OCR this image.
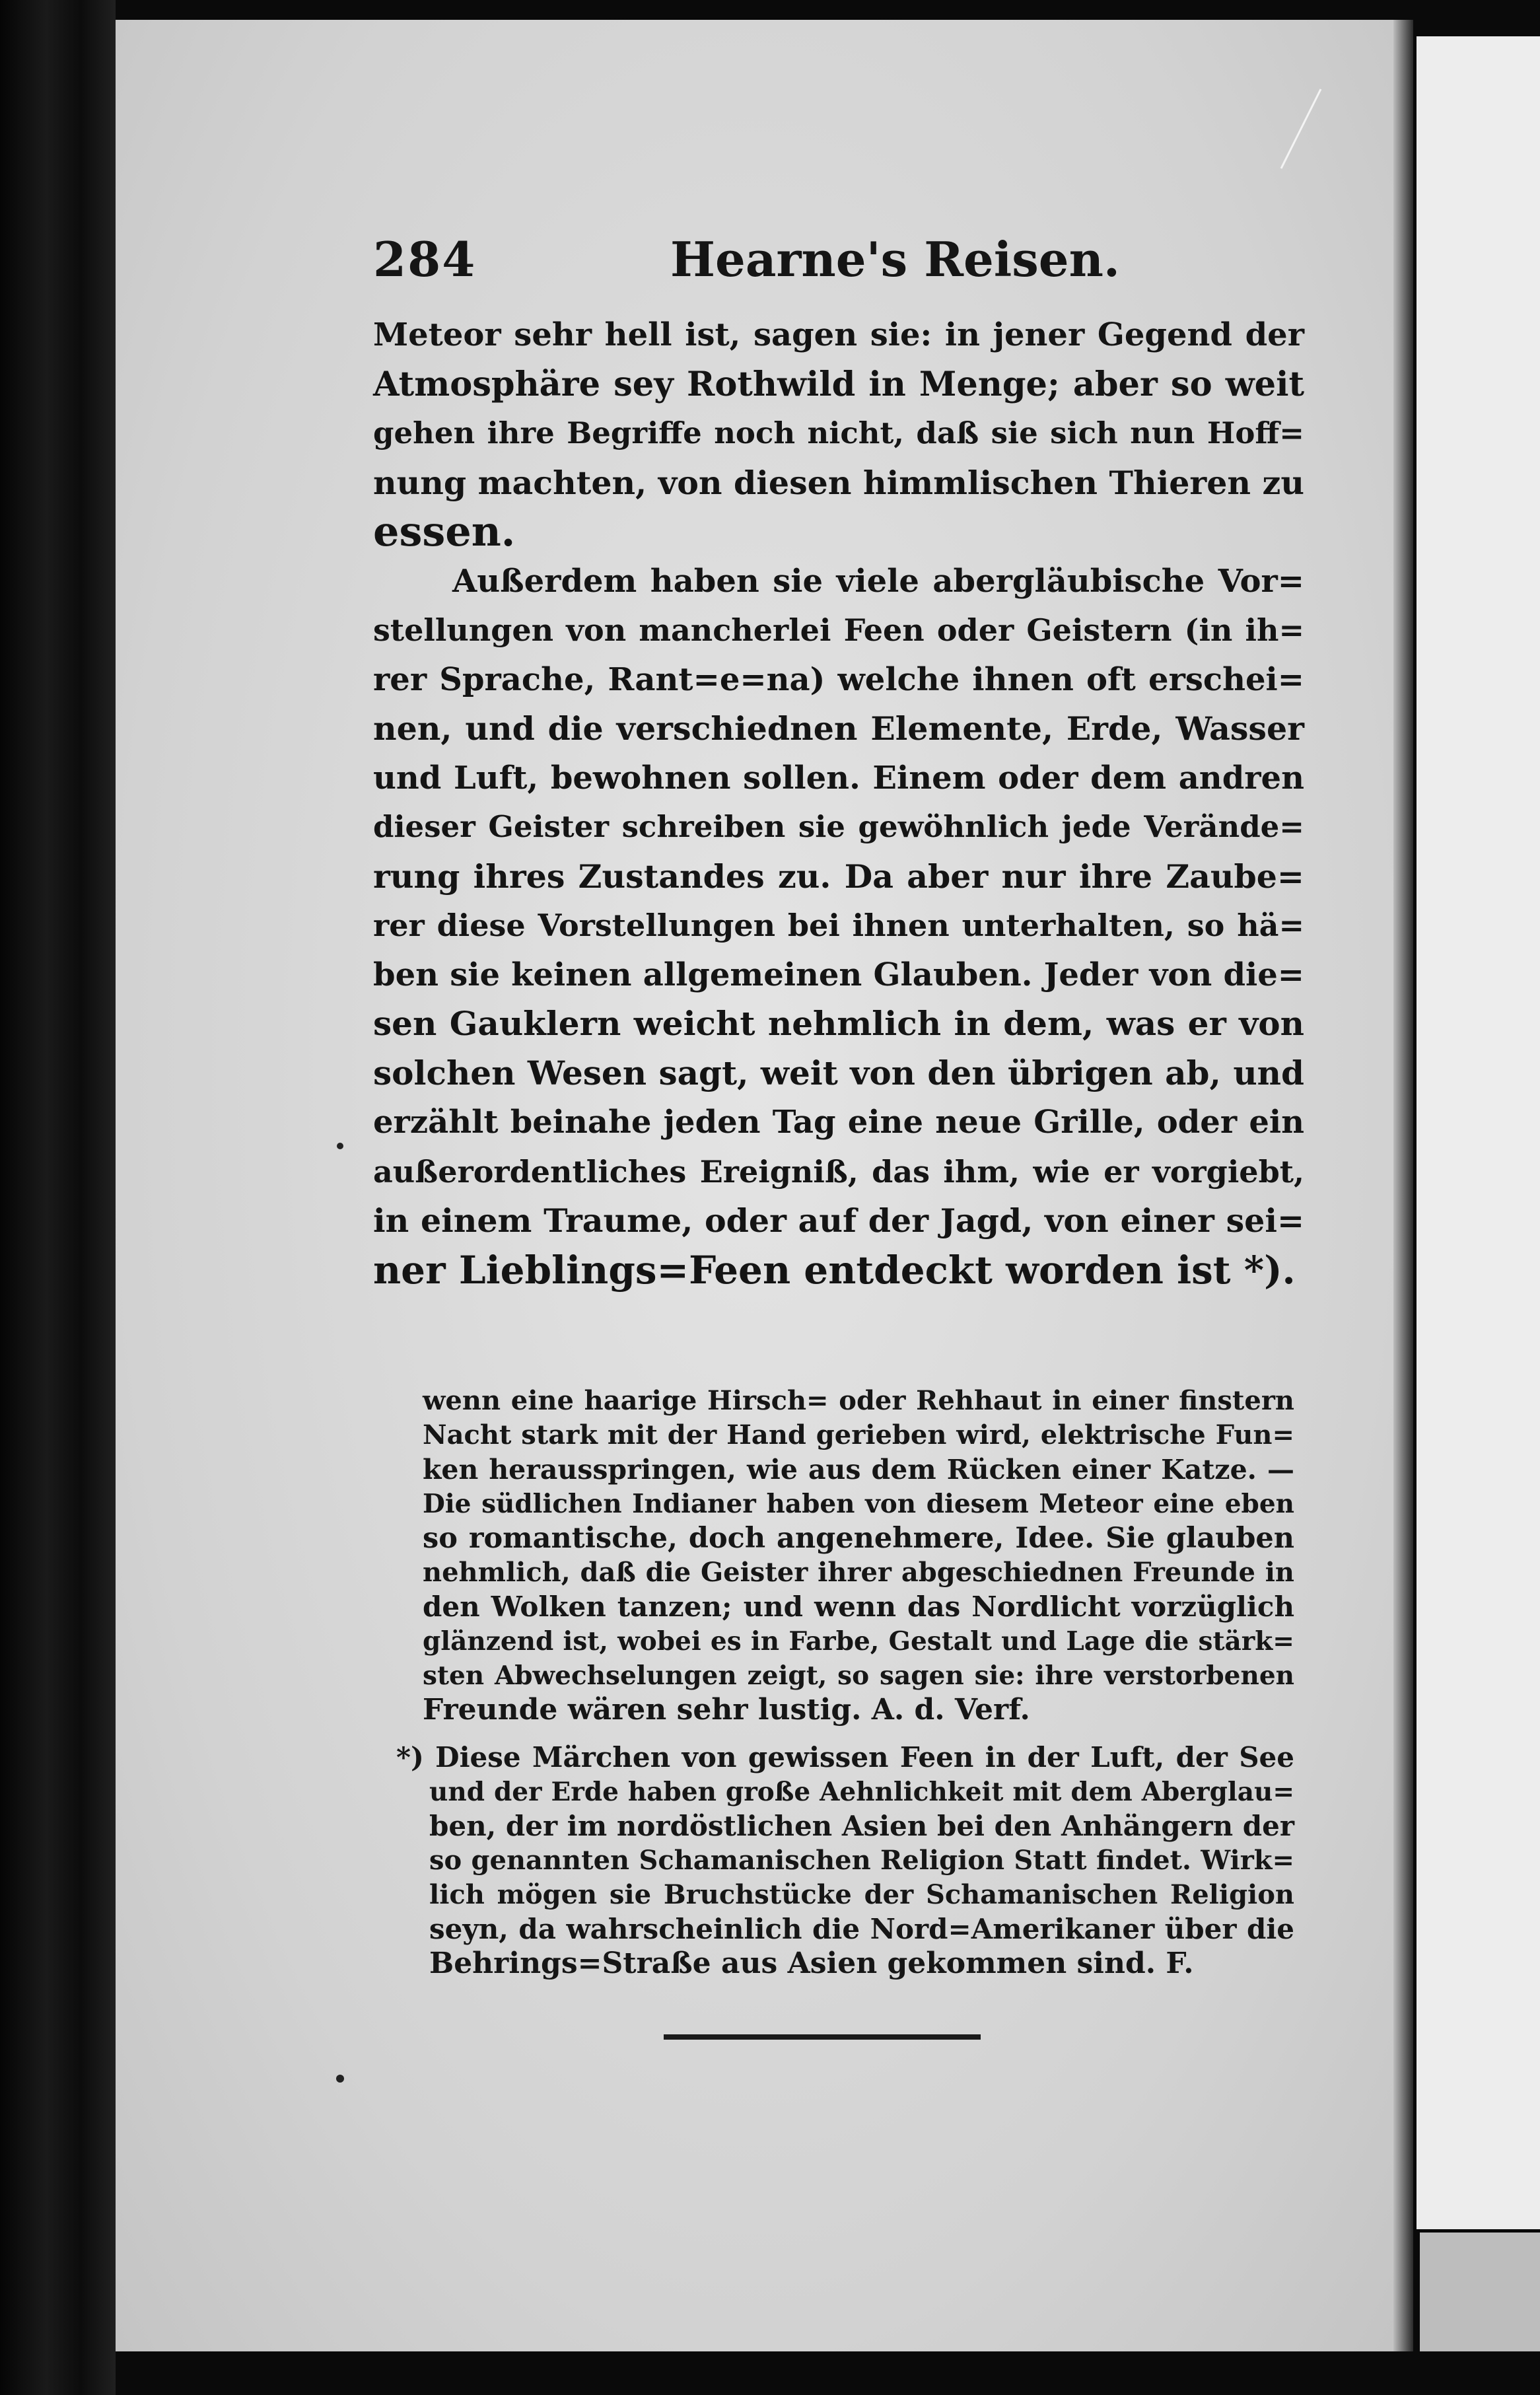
284	Hearne's Reisen.
Meteor sehr hell ist, sagen sie: in jener Gegend der
Atmosphäre sey Rothwild in Menge; aber so weit
gehen ihre Begriffe noch nicht, daß sie sich nun Hoff=
nung machten, von diesen himmlischen Thieren zu
essen.
Außerdem haben sie viele abergläubische Vor=
stellungen von mancherlei Feen oder Geistern (in ih=
rer Sprache, Rant=e=na) welche ihnen oft erschei=
nen, und die verschiednen Elemente, Erde, Wasser
und Luft, bewohnen sollen. Einem oder dem andren
dieser Geister schreiben sie gewöhnlich jede Verände=
rung ihres Zustandes zu. Da aber nur ihre Zaube=
rer diese Vorstellungen bei ihnen unterhalten, so hä=
ben sie keinen allgemeinen Glauben. Jeder von die=
sen Gauklern weicht nehmlich in dem, was er von
solchen Wesen sagt, weit von den übrigen ab, und
erzählt beinahe jeden Tag eine neue Grille, oder ein
außerordentliches Ereigniß, das ihm, wie er vorgiebt,
in einem Traume, oder auf der Jagd, von einer sei=
ner Lieblings=Feen entdeckt worden ist *).
wenn eine haarige Hirsch= oder Rehhaut in einer finstern
Nacht stark mit der Hand gerieben wird, elektrische Fun=
ken herausspringen, wie aus dem Rücken einer Katze. —
Die südlichen Indianer haben von diesem Meteor eine eben
so romantische, doch angenehmere, Idee. Sie glauben
nehmlich, daß die Geister ihrer abgeschiednen Freunde in
den Wolken tanzen; und wenn das Nordlicht vorzüglich
glänzend ist, wobei es in Farbe, Gestalt und Lage die stärk=
sten Abwechselungen zeigt, so sagen sie: ihre verstorbenen
Freunde wären sehr lustig. A. d. Verf.
*) Diese Märchen von gewissen Feen in der Luft, der See
und der Erde haben große Aehnlichkeit mit dem Aberglau=
ben, der im nordöstlichen Asien bei den Anhängern der
so genannten Schamanischen Religion Statt findet. Wirk=
lich mögen sie Bruchstücke der Schamanischen Religion
seyn, da wahrscheinlich die Nord=Amerikaner über die
Behrings=Straße aus Asien gekommen sind. F.
